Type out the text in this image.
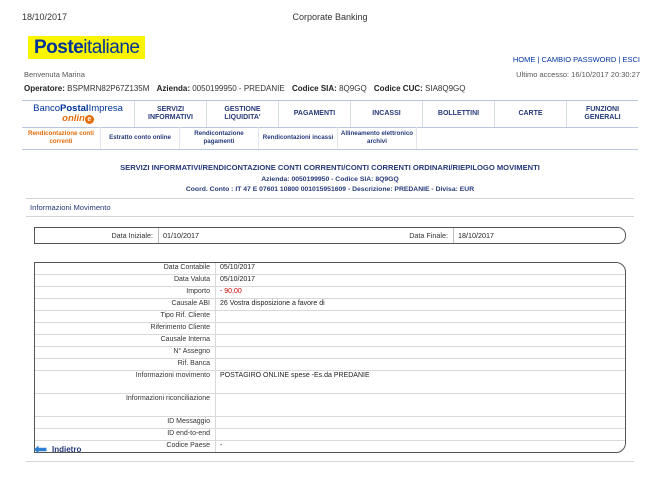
18/10/2017	Corporate Banking
Posteitaliane
HOME | CAMBIO PASSWORD | ESCI
Ultimo accesso: 16/10/2017 20:30:27
Benvenuta Marina
Operatore: BSPMRN82P67Z135M Azienda: 0050199950 - PREDANIE Codice SIA: 8Q9GQ Codice CUC: SIA8Q9GQ
BancoPostalImpresa
onlin e
SERVIZI INFORMATIVI
GESTIONE LIQUIDITA'
PAGAMENTI	INCASSI	BOLLETTINI	CARTE
FUNZIONI GENERALI
Rendicontazione conti correnti
Estratto conto online
Rendicontazione pagamenti
Rendicontazioni incassi
Allineamento elettronico archivi
SERVIZI INFORMATIVI/RENDICONTAZIONE CONTI CORRENTI/CONTI CORRENTI ORDINARI/RIEPILOGO MOVIMENTI
Azienda: 0050199950 - Codice SIA: 8Q9GQ
Coord. Conto : IT 47 E 07601 10800 001015951609 - Descrizione: PREDANIE - Divisa: EUR
Informazioni Movimento
Data Iniziale:	01/10/2017	Data Finale:	18/10/2017
Data Contabile	05/10/2017
Data Valuta	05/10/2017
Importo	- 90,00
Causale ABI	26 Vostra disposizione a favore di
Tipo Rif. Cliente
Riferimento Cliente
Causale Interna
N° Assegno
Rif. Banca
Informazioni movimento	POSTAGIRO ONLINE spese -Es.da PREDANIE
Informazioni riconciliazione
ID Messaggio
ID end-to-end
Codice Paese	-
Indietro
